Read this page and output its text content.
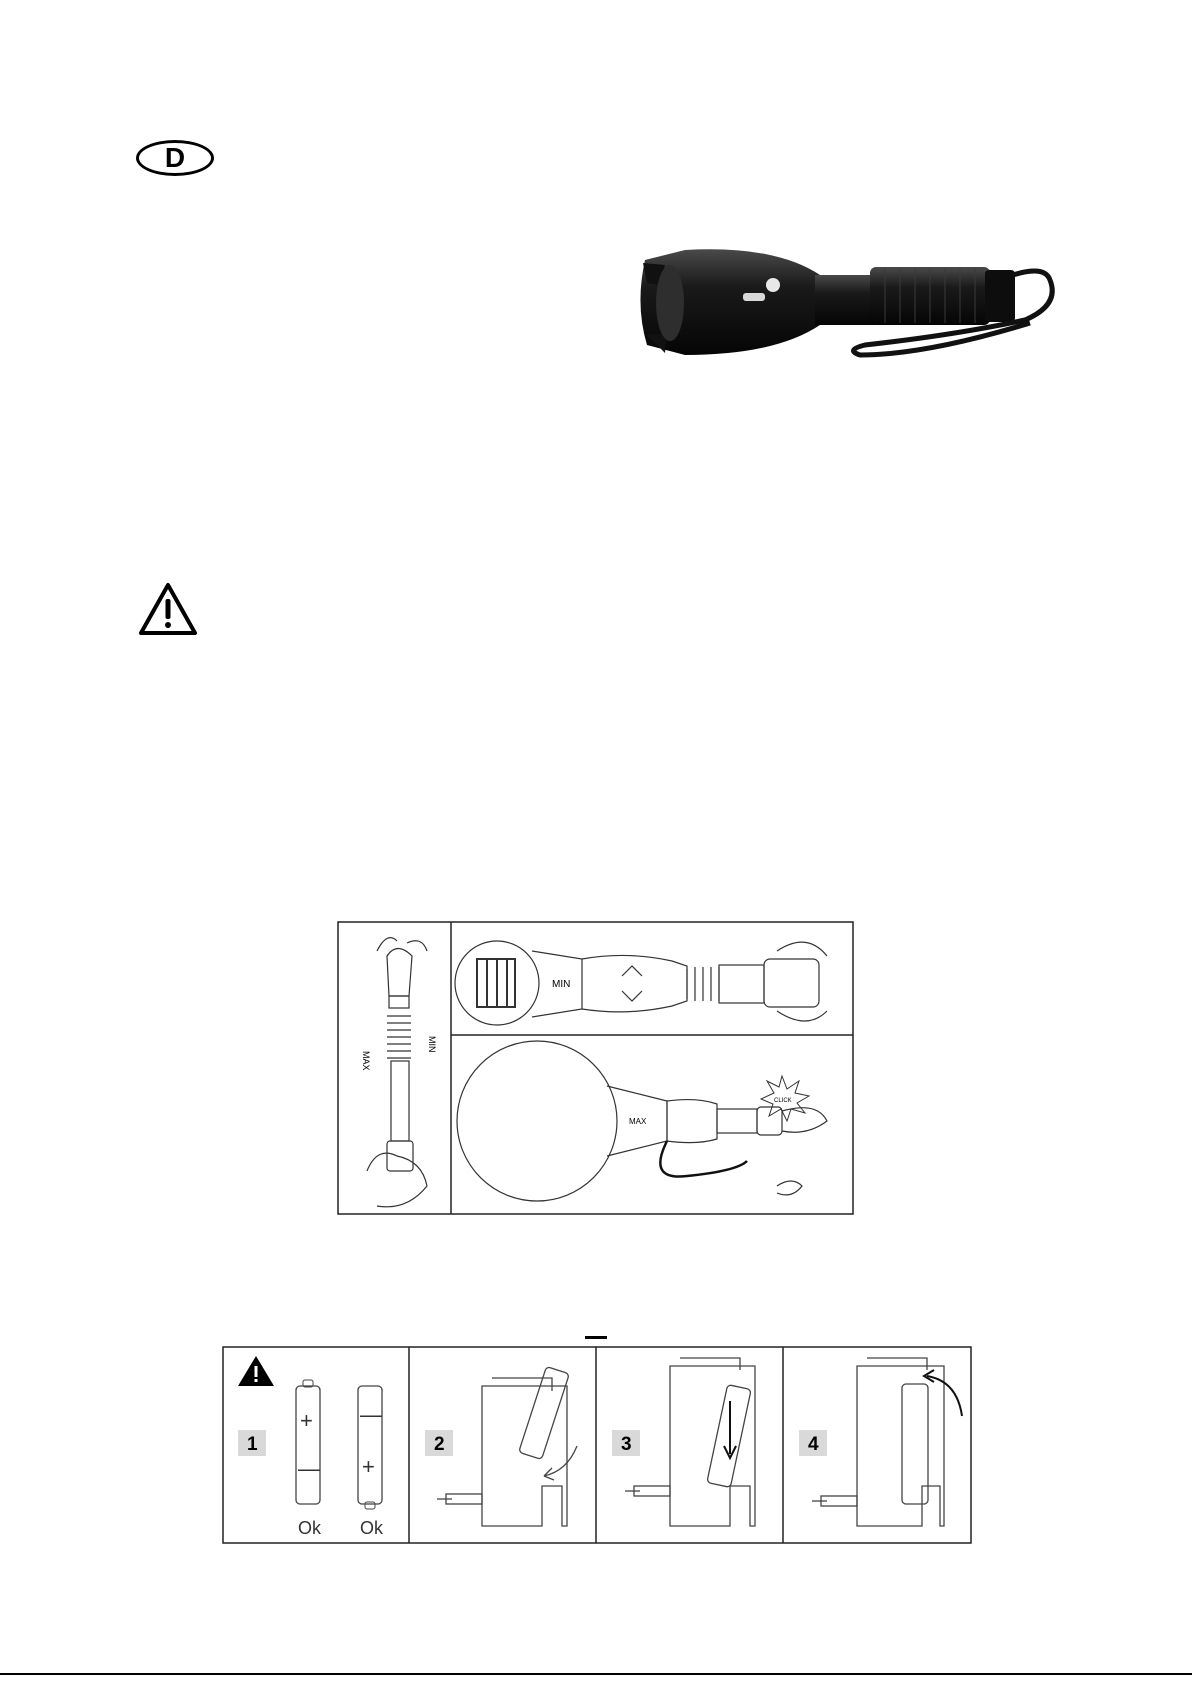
D
MAX
MIN
MIN
CLICK
MAX
1
+
—
—
+
Ok Ok
2	3	4
